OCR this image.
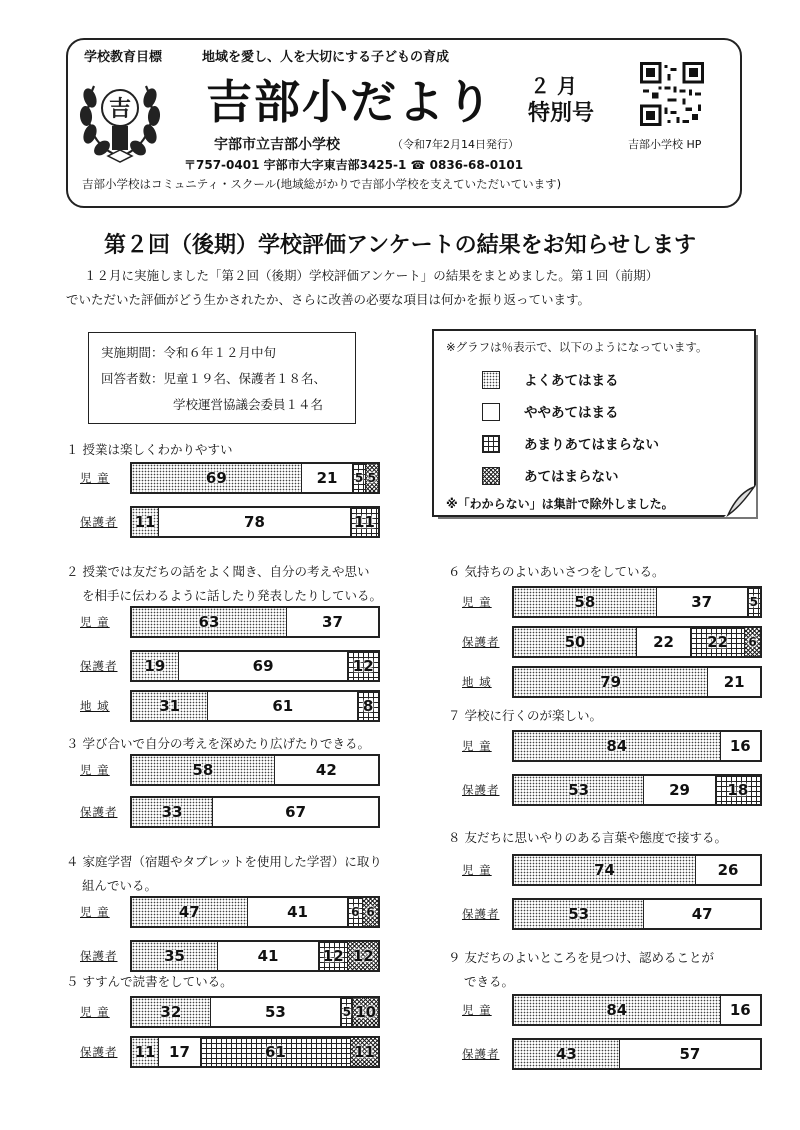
学校教育目標	地域を愛し、人を大切にする子どもの育成
吉 吉部小だより ２ 月
特別号
吉部小学校 HP
宇部市立吉部小学校	（令和7年2月14日発行）
〒757-0401 宇部市大字東吉部3425-1 ☎ 0836-68-0101
吉部小学校はコミュニティ・スクール(地域総がかりで吉部小学校を支えていただいています)
第２回（後期）学校評価アンケートの結果をお知らせします
１２月に実施しました「第２回（後期）学校評価アンケート」の結果をまとめました。第１回（前期）
でいただいた評価がどう生かされたか、さらに改善の必要な項目は何かを振り返っています。
実施期間：令和６年１２月中旬
回答者数：児童１９名、保護者１８名、
学校運営協議会委員１４名
※グラフは％表示で、以下のようになっています。
よくあてはまる
ややあてはまる
あまりあてはまらない
あてはまらない
※「わからない」は集計で除外しました。
１ 授業は楽しくわかりやすい
児 童	69	21 5 5
保護者	11	78	11
２ 授業では友だちの話をよく聞き、自分の考えや思い
を相手に伝わるように話したり発表したりしている。
児 童	63	37
保護者	19	69	12
地 域	31	61	8
３ 学び合いで自分の考えを深めたり広げたりできる。
児 童	58	42
保護者	33	67
４ 家庭学習（宿題やタブレットを使用した学習）に取り
組んでいる。
児 童	47	41	6 6
保護者	35	41	12 12
５ すすんで読書をしている。
児 童	32	53	5 10
保護者	11 17	61	11
６ 気持ちのよいあいさつをしている。
児 童	58	37	5
保護者	50	22 22 6
地 域	79	21
７ 学校に行くのが楽しい。
児 童	84	16
保護者	53	29 18
８ 友だちに思いやりのある言葉や態度で接する。
児 童	74	26
保護者	53	47
９ 友だちのよいところを見つけ、認めることが
できる。
児 童	84	16
保護者	43	57
